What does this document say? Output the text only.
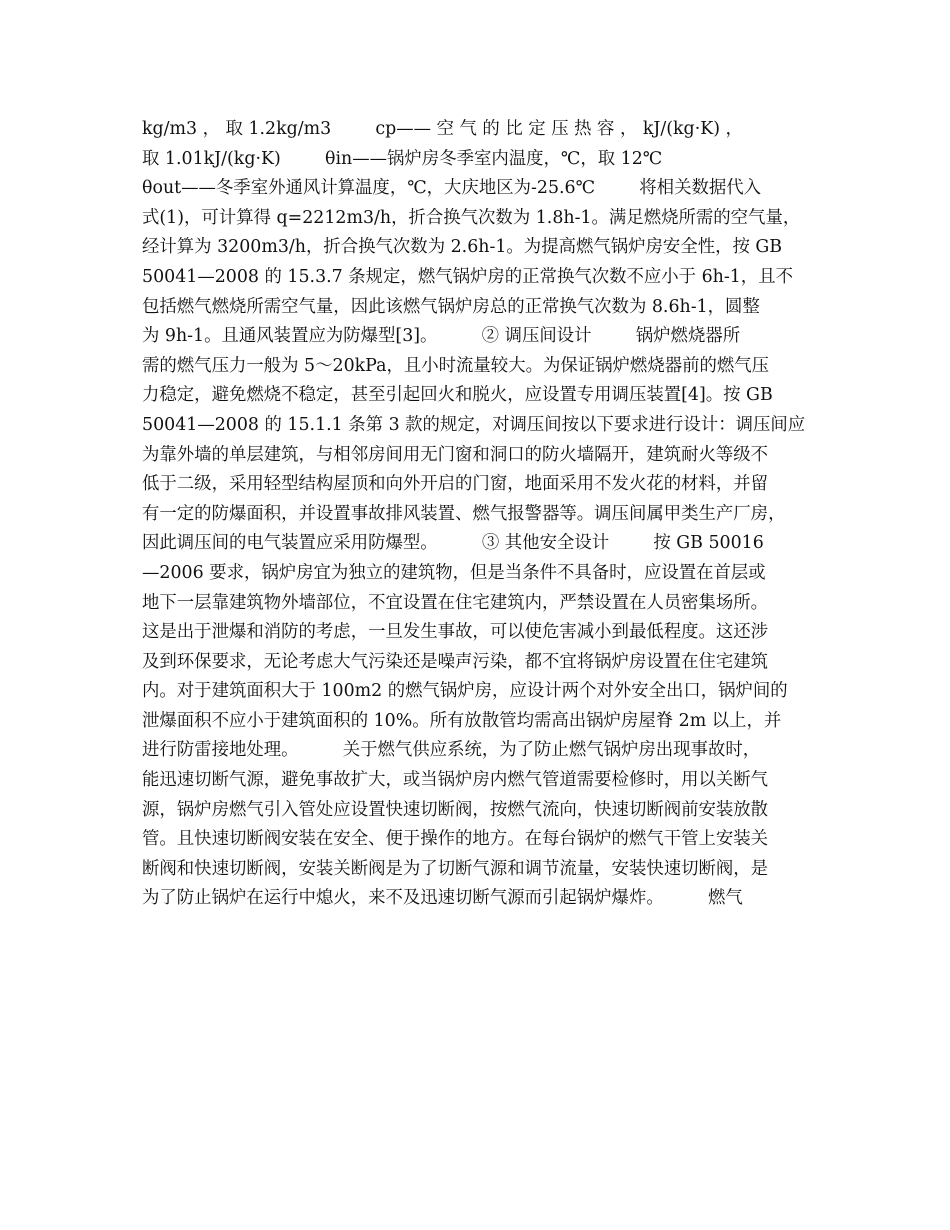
kg/m3 ， 取 1.2kg/m3        cp—— 空 气 的 比 定 压 热 容 ， kJ/(kg·K) ，
取 1.01kJ/(kg·K)        θin——锅炉房冬季室内温度，℃，取 12℃
θout——冬季室外通风计算温度，℃，大庆地区为-25.6℃        将相关数据代入
式(1)，可计算得 q=2212m3/h，折合换气次数为 1.8h-1。满足燃烧所需的空气量，
经计算为 3200m3/h，折合换气次数为 2.6h-1。为提高燃气锅炉房安全性，按 GB
50041—2008 的 15.3.7 条规定，燃气锅炉房的正常换气次数不应小于 6h-1，且不
包括燃气燃烧所需空气量，因此该燃气锅炉房总的正常换气次数为 8.6h-1，圆整
为 9h-1。且通风装置应为防爆型[3]。        ② 调压间设计        锅炉燃烧器所
需的燃气压力一般为 5～20kPa，且小时流量较大。为保证锅炉燃烧器前的燃气压
力稳定，避免燃烧不稳定，甚至引起回火和脱火，应设置专用调压装置[4]。按 GB
50041—2008 的 15.1.1 条第 3 款的规定，对调压间按以下要求进行设计：调压间应
为靠外墙的单层建筑，与相邻房间用无门窗和洞口的防火墙隔开，建筑耐火等级不
低于二级，采用轻型结构屋顶和向外开启的门窗，地面采用不发火花的材料，并留
有一定的防爆面积，并设置事故排风装置、燃气报警器等。调压间属甲类生产厂房，
因此调压间的电气装置应采用防爆型。        ③ 其他安全设计        按 GB 50016
—2006 要求，锅炉房宜为独立的建筑物，但是当条件不具备时，应设置在首层或
地下一层靠建筑物外墙部位，不宜设置在住宅建筑内，严禁设置在人员密集场所。
这是出于泄爆和消防的考虑，一旦发生事故，可以使危害减小到最低程度。这还涉
及到环保要求，无论考虑大气污染还是噪声污染，都不宜将锅炉房设置在住宅建筑
内。对于建筑面积大于 100m2 的燃气锅炉房，应设计两个对外安全出口，锅炉间的
泄爆面积不应小于建筑面积的 10%。所有放散管均需高出锅炉房屋脊 2m 以上，并
进行防雷接地处理。        关于燃气供应系统，为了防止燃气锅炉房出现事故时，
能迅速切断气源，避免事故扩大，或当锅炉房内燃气管道需要检修时，用以关断气
源，锅炉房燃气引入管处应设置快速切断阀，按燃气流向，快速切断阀前安装放散
管。且快速切断阀安装在安全、便于操作的地方。在每台锅炉的燃气干管上安装关
断阀和快速切断阀，安装关断阀是为了切断气源和调节流量，安装快速切断阀，是
为了防止锅炉在运行中熄火，来不及迅速切断气源而引起锅炉爆炸。        燃气
